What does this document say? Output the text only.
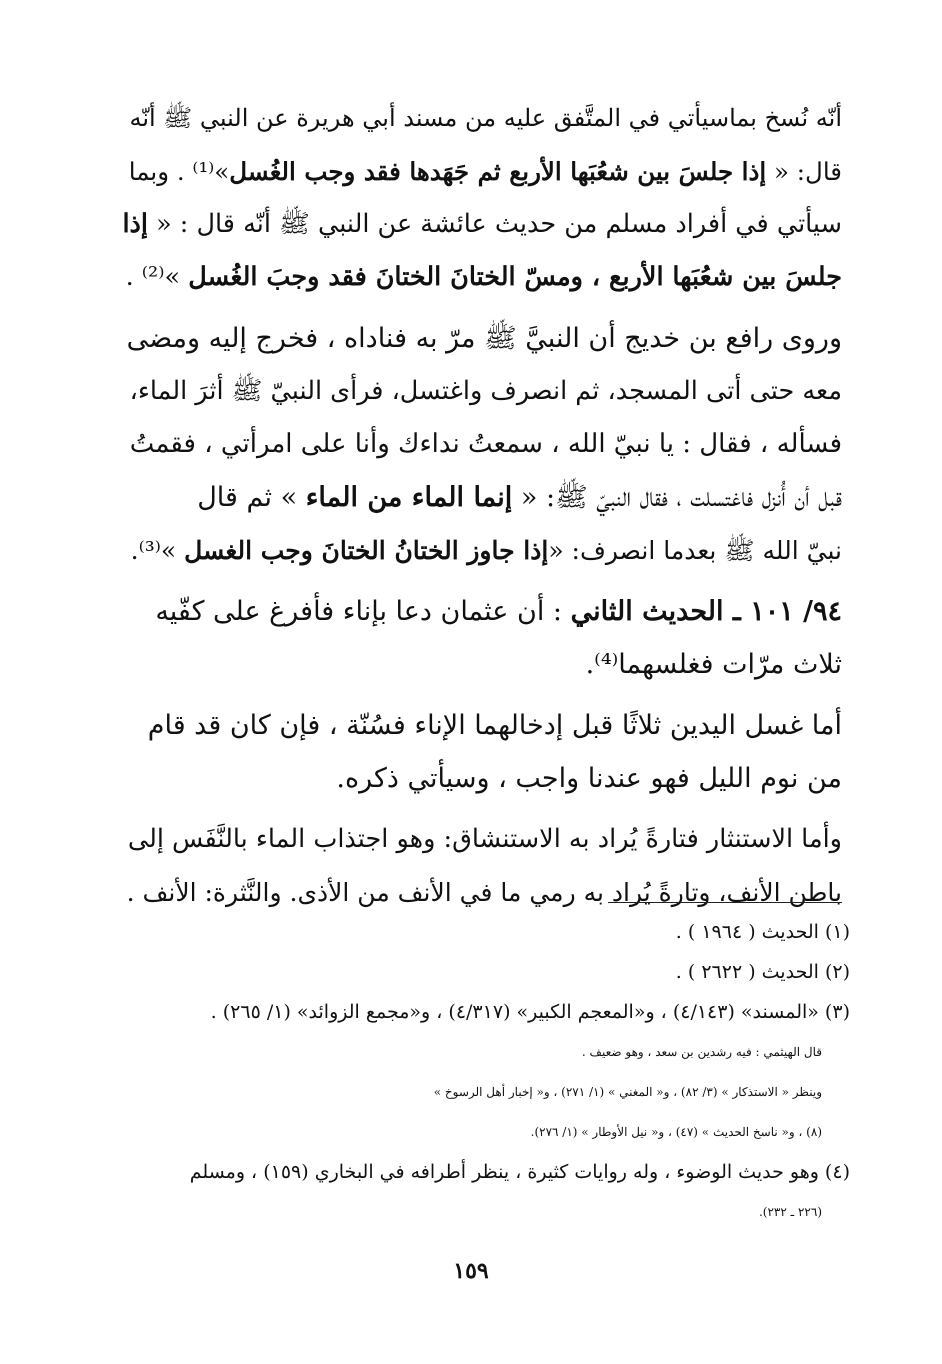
أنّه نُسخ بماسيأتي في المتَّفق عليه من مسند أبي هريرة عن النبي ﷺ أنّه
قال: « إذا جلسَ بين شعُبَها الأربع ثم جَهَدها فقد وجب الغُسل»⁽¹⁾ . وبما
سيأتي في أفراد مسلم من حديث عائشة عن النبي ﷺ أنّه قال : « إذا
جلسَ بين شعُبَها الأربع ، ومسّ الختانَ الختانَ فقد وجبَ الغُسل »⁽²⁾ .
وروى رافع بن خديج أن النبيَّ ﷺ مرّ به فناداه ، فخرج إليه ومضى
معه حتى أتى المسجد، ثم انصرف واغتسل، فرأى النبيّ ﷺ أثرَ الماء،
فسأله ، فقال : يا نبيّ الله ، سمعتُ نداءك وأنا على امرأتي ، فقمتُ
قبل أن أُنزل فاغتسلت ، فقال النبيّ ﷺ: « إنما الماء من الماء » ثم قال
نبيّ الله ﷺ بعدما انصرف: «إذا جاوز الختانُ الختانَ وجب الغسل »⁽³⁾.
٩٤/ ١٠١ ـ الحديث الثاني : أن عثمان دعا بإناء فأفرغ على كفّيه
ثلاث مرّات فغلسهما⁽⁴⁾.
أما غسل اليدين ثلاثًا قبل إدخالهما الإناء فسُنّة ، فإن كان قد قام
من نوم الليل فهو عندنا واجب ، وسيأتي ذكره.
وأما الاستنثار فتارةً يُراد به الاستنشاق: وهو اجتذاب الماء بالنَّفَس إلى
باطن الأنف، وتارةً يُراد به رمي ما في الأنف من الأذى. والنَّثرة: الأنف .
(١) الحديث ( ١٩٦٤ ) .
(٢) الحديث ( ٢٦٢٢ ) .
(٣) «المسند» (٤/١٤٣) ، و«المعجم الكبير» (٤/٣١٧) ، و«مجمع الزوائد» (١/ ٢٦٥) .
قال الهيثمي : فيه رشدين بن سعد ، وهو ضعيف .
وينظر « الاستذكار » (٣/ ٨٢) ، و« المغني » (١/ ٢٧١) ، و« إخبار أهل الرسوخ »
(٨) ، و« ناسخ الحديث » (٤٧) ، و« نيل الأوطار » (١/ ٢٧٦).
(٤) وهو حديث الوضوء ، وله روايات كثيرة ، ينظر أطرافه في البخاري (١٥٩) ، ومسلم
(٢٢٦ ـ ٢٣٢).
١٥٩
